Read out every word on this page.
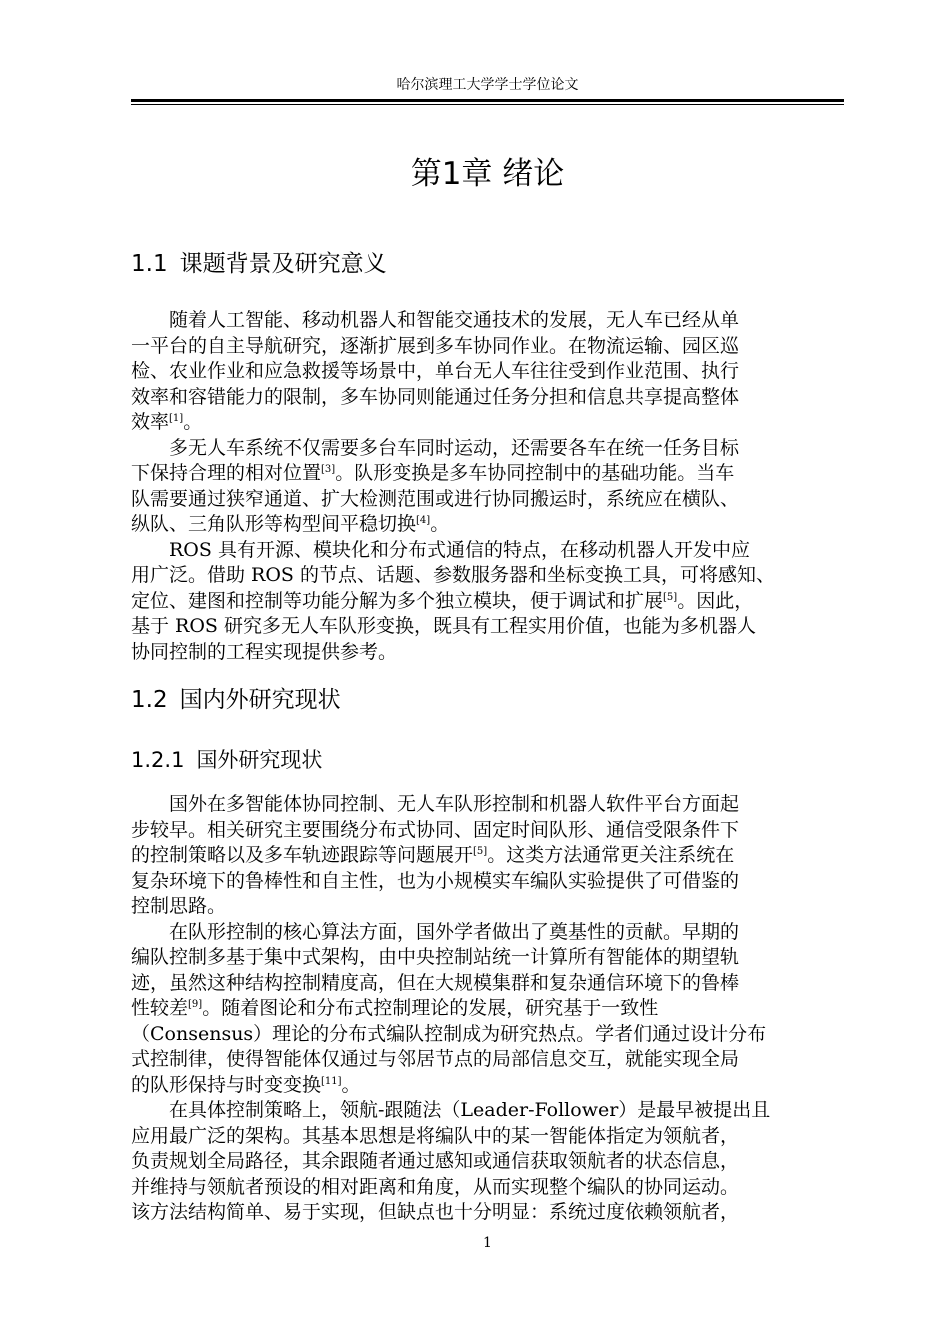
哈尔滨理工大学学士学位论文
第1章 绪论
1.1 课题背景及研究意义

随着人工智能、移动机器人和智能交通技术的发展，无人车已经从单
一平台的自主导航研究，逐渐扩展到多车协同作业。在物流运输、园区巡
检、农业作业和应急救援等场景中，单台无人车往往受到作业范围、执行
效率和容错能力的限制，多车协同则能通过任务分担和信息共享提高整体
效率[1]。

多无人车系统不仅需要多台车同时运动，还需要各车在统一任务目标
下保持合理的相对位置[3]。队形变换是多车协同控制中的基础功能。当车
队需要通过狭窄通道、扩大检测范围或进行协同搬运时，系统应在横队、
纵队、三角队形等构型间平稳切换[4]。

ROS 具有开源、模块化和分布式通信的特点，在移动机器人开发中应
用广泛。借助 ROS 的节点、话题、参数服务器和坐标变换工具，可将感知、
定位、建图和控制等功能分解为多个独立模块，便于调试和扩展[5]。因此，
基于 ROS 研究多无人车队形变换，既具有工程实用价值，也能为多机器人
协同控制的工程实现提供参考。

1.2 国内外研究现状
1.2.1 国外研究现状

国外在多智能体协同控制、无人车队形控制和机器人软件平台方面起
步较早。相关研究主要围绕分布式协同、固定时间队形、通信受限条件下
的控制策略以及多车轨迹跟踪等问题展开[5]。这类方法通常更关注系统在
复杂环境下的鲁棒性和自主性，也为小规模实车编队实验提供了可借鉴的
控制思路。

在队形控制的核心算法方面，国外学者做出了奠基性的贡献。早期的
编队控制多基于集中式架构，由中央控制站统一计算所有智能体的期望轨
迹，虽然这种结构控制精度高，但在大规模集群和复杂通信环境下的鲁棒
性较差[9]。随着图论和分布式控制理论的发展，研究基于一致性
（Consensus）理论的分布式编队控制成为研究热点。学者们通过设计分布
式控制律，使得智能体仅通过与邻居节点的局部信息交互，就能实现全局
的队形保持与时变变换[11]。

在具体控制策略上，领航-跟随法（Leader-Follower）是最早被提出且
应用最广泛的架构。其基本思想是将编队中的某一智能体指定为领航者，
负责规划全局路径，其余跟随者通过感知或通信获取领航者的状态信息，
并维持与领航者预设的相对距离和角度，从而实现整个编队的协同运动。
该方法结构简单、易于实现，但缺点也十分明显：系统过度依赖领航者，

1
